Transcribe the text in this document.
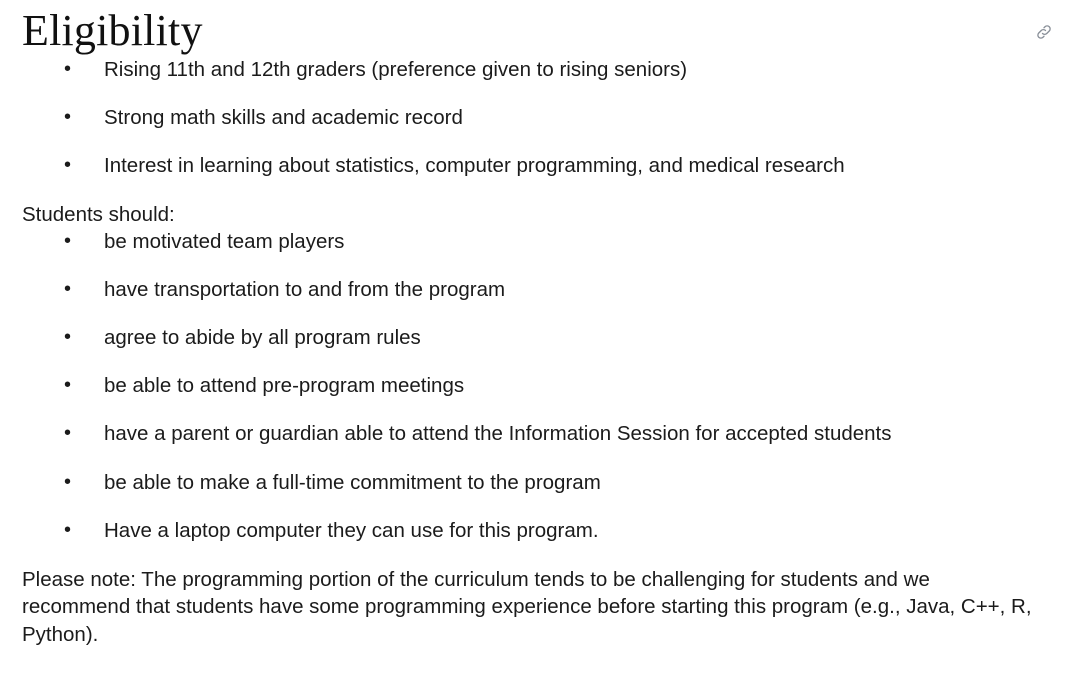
Eligibility
• Rising 11th and 12th graders (preference given to rising seniors)
• Strong math skills and academic record
• Interest in learning about statistics, computer programming, and medical research

Students should:

• be motivated team players
• have transportation to and from the program
• agree to abide by all program rules
• be able to attend pre-program meetings
• have a parent or guardian able to attend the Information Session for accepted students
• be able to make a full-time commitment to the program
• Have a laptop computer they can use for this program.

Please note: The programming portion of the curriculum tends to be challenging for students and we recommend that students have some programming experience before starting this program (e.g., Java, C++, R, Python).
